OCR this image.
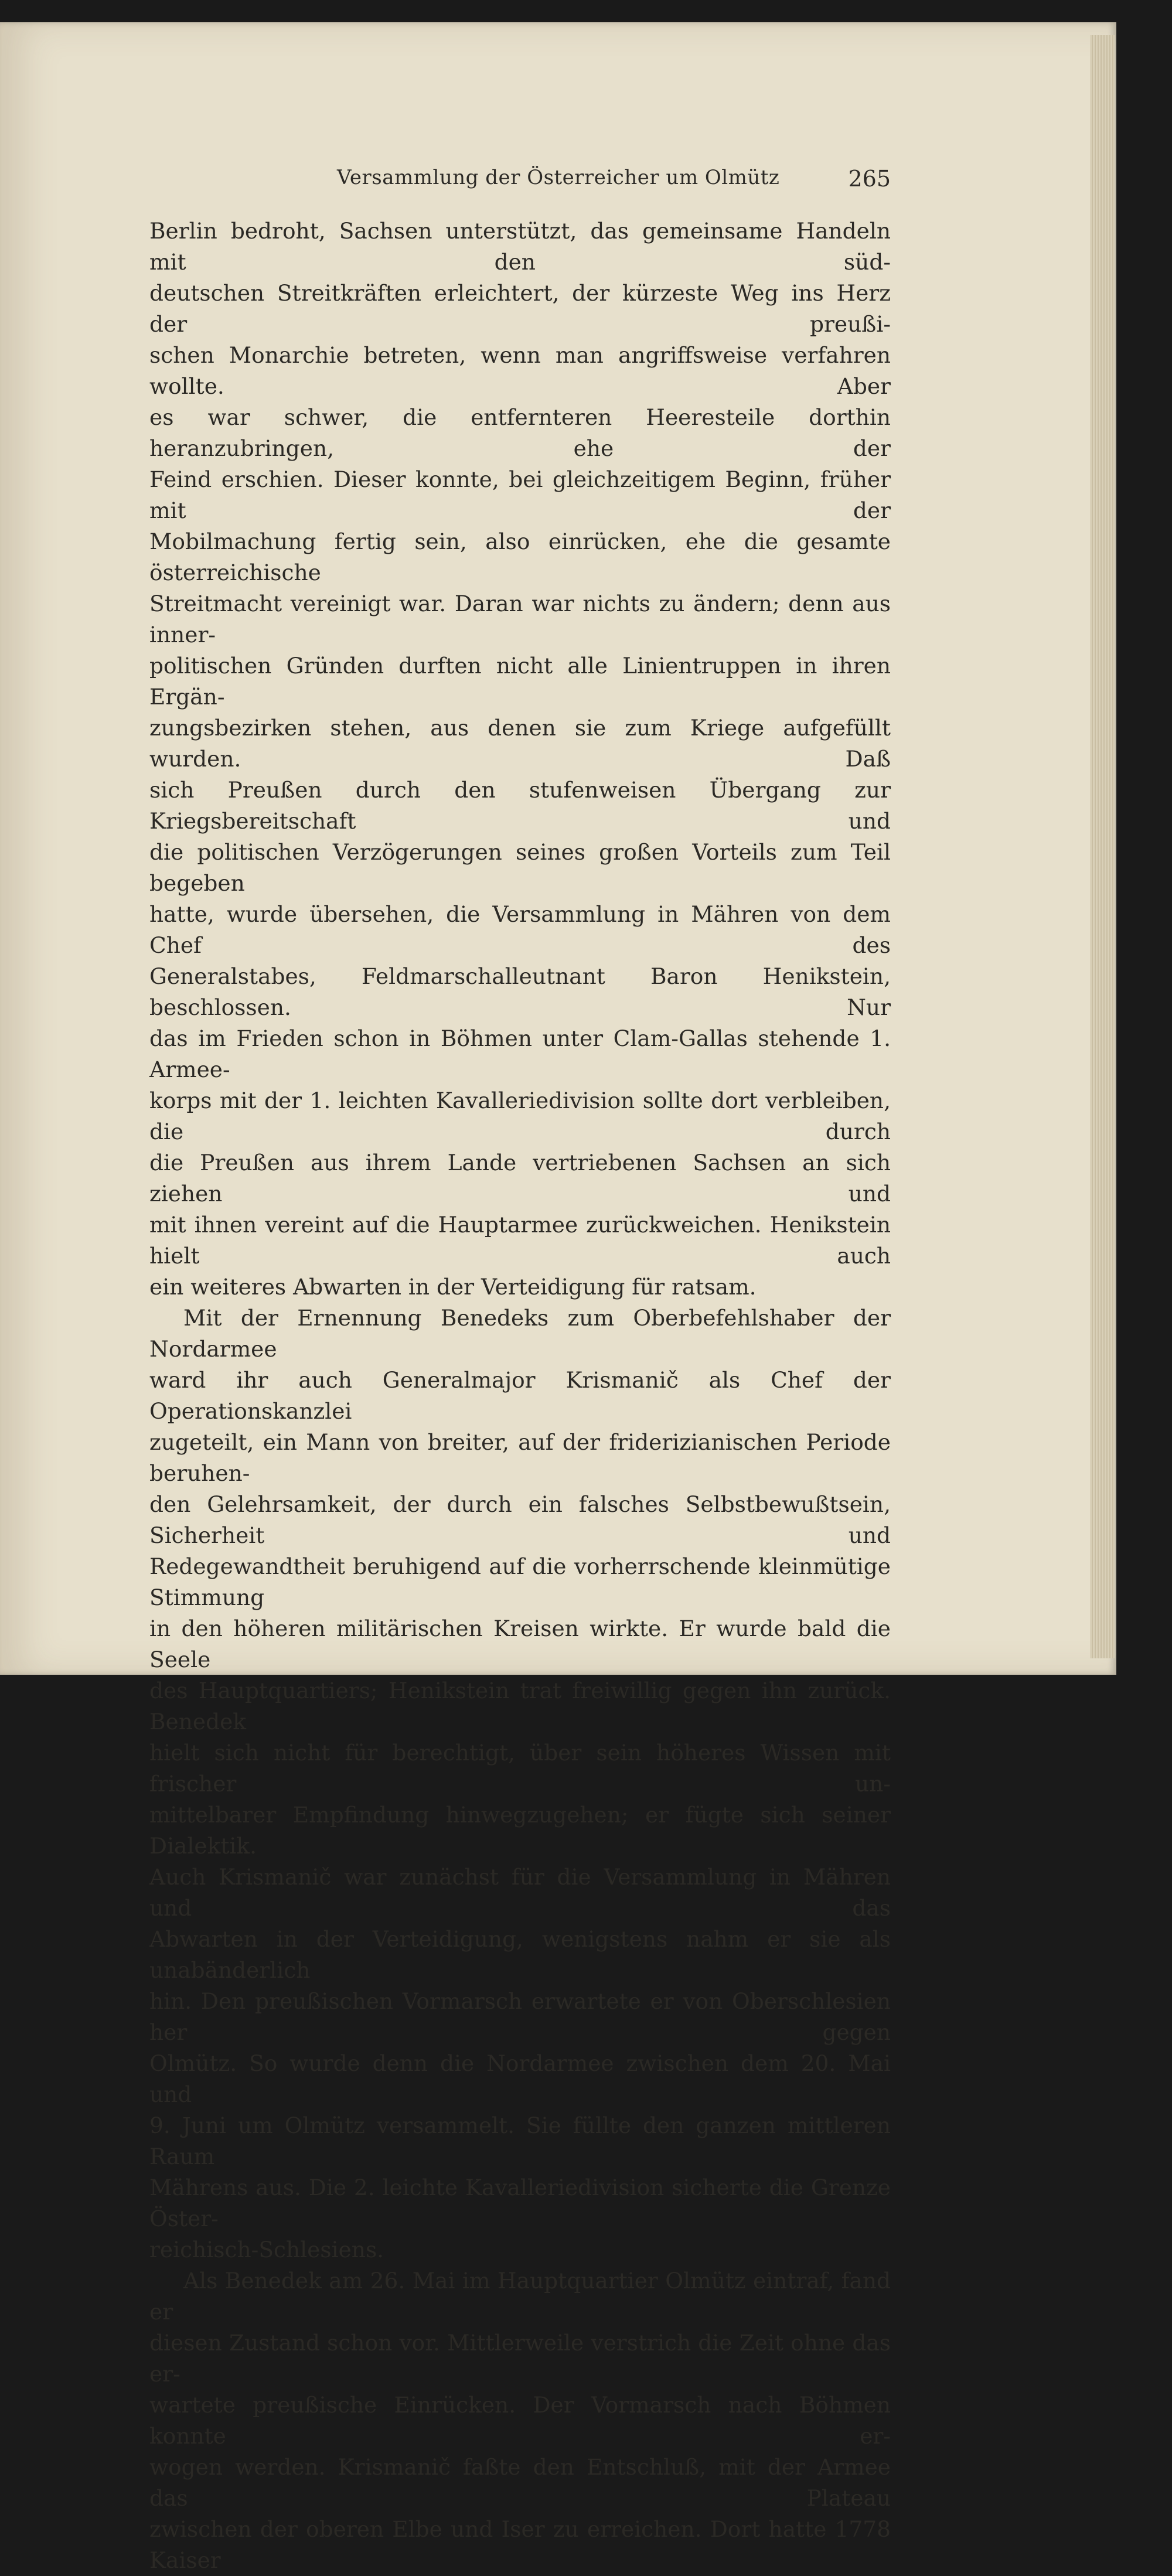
Versammlung der Österreicher um Olmütz	265

Berlin bedroht, Sachsen unterstützt, das gemeinsame Handeln mit den süd-

deutschen Streitkräften erleichtert, der kürzeste Weg ins Herz der preußi-

schen Monarchie betreten, wenn man angriffsweise verfahren wollte. Aber

es war schwer, die entfernteren Heeresteile dorthin heranzubringen, ehe der

Feind erschien. Dieser konnte, bei gleichzeitigem Beginn, früher mit der

Mobilmachung fertig sein, also einrücken, ehe die gesamte österreichische

Streitmacht vereinigt war. Daran war nichts zu ändern; denn aus inner-

politischen Gründen durften nicht alle Linientruppen in ihren Ergän-

zungsbezirken stehen, aus denen sie zum Kriege aufgefüllt wurden. Daß

sich Preußen durch den stufenweisen Übergang zur Kriegsbereitschaft und

die politischen Verzögerungen seines großen Vorteils zum Teil begeben

hatte, wurde übersehen, die Versammlung in Mähren von dem Chef des

Generalstabes, Feldmarschalleutnant Baron Henikstein, beschlossen. Nur

das im Frieden schon in Böhmen unter Clam-Gallas stehende 1. Armee-

korps mit der 1. leichten Kavalleriedivision sollte dort verbleiben, die durch

die Preußen aus ihrem Lande vertriebenen Sachsen an sich ziehen und

mit ihnen vereint auf die Hauptarmee zurückweichen. Henikstein hielt auch

ein weiteres Abwarten in der Verteidigung für ratsam.

Mit der Ernennung Benedeks zum Oberbefehlshaber der Nordarmee

ward ihr auch Generalmajor Krismanič als Chef der Operationskanzlei

zugeteilt, ein Mann von breiter, auf der friderizianischen Periode beruhen-

den Gelehrsamkeit, der durch ein falsches Selbstbewußtsein, Sicherheit und

Redegewandtheit beruhigend auf die vorherrschende kleinmütige Stimmung

in den höheren militärischen Kreisen wirkte. Er wurde bald die Seele

des Hauptquartiers; Henikstein trat freiwillig gegen ihn zurück. Benedek

hielt sich nicht für berechtigt, über sein höheres Wissen mit frischer un-

mittelbarer Empfindung hinwegzugehen; er fügte sich seiner Dialektik.

Auch Krismanič war zunächst für die Versammlung in Mähren und das

Abwarten in der Verteidigung, wenigstens nahm er sie als unabänderlich

hin. Den preußischen Vormarsch erwartete er von Oberschlesien her gegen

Olmütz. So wurde denn die Nordarmee zwischen dem 20. Mai und

9. Juni um Olmütz versammelt. Sie füllte den ganzen mittleren Raum

Mährens aus. Die 2. leichte Kavalleriedivision sicherte die Grenze Öster-

reichisch-Schlesiens.

Als Benedek am 26. Mai im Hauptquartier Olmütz eintraf, fand er

diesen Zustand schon vor. Mittlerweile verstrich die Zeit ohne das er-

wartete preußische Einrücken. Der Vormarsch nach Böhmen konnte er-

wogen werden. Krismanič faßte den Entschluß, mit der Armee das Plateau

zwischen der oberen Elbe und Iser zu erreichen. Dort hatte 1778 Kaiser
